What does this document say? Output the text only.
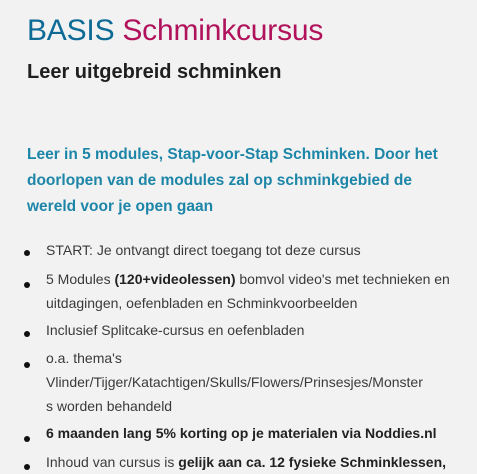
BASIS Schminkcursus
Leer uitgebreid schminken
Leer in 5 modules, Stap-voor-Stap Schminken. Door het
doorlopen van de modules zal op schminkgebied de
wereld voor je open gaan
START: Je ontvangt direct toegang tot deze cursus
5 Modules (120+videolessen) bomvol video's met technieken en
uitdagingen, oefenbladen en Schminkvoorbeelden
Inclusief Splitcake-cursus en oefenbladen
o.a. thema's
Vlinder/Tijger/Katachtigen/Skulls/Flowers/Prinsesjes/Monster
s worden behandeld
6 maanden lang 5% korting op je materialen via Noddies.nl
Inhoud van cursus is gelijk aan ca. 12 fysieke Schminklessen,
